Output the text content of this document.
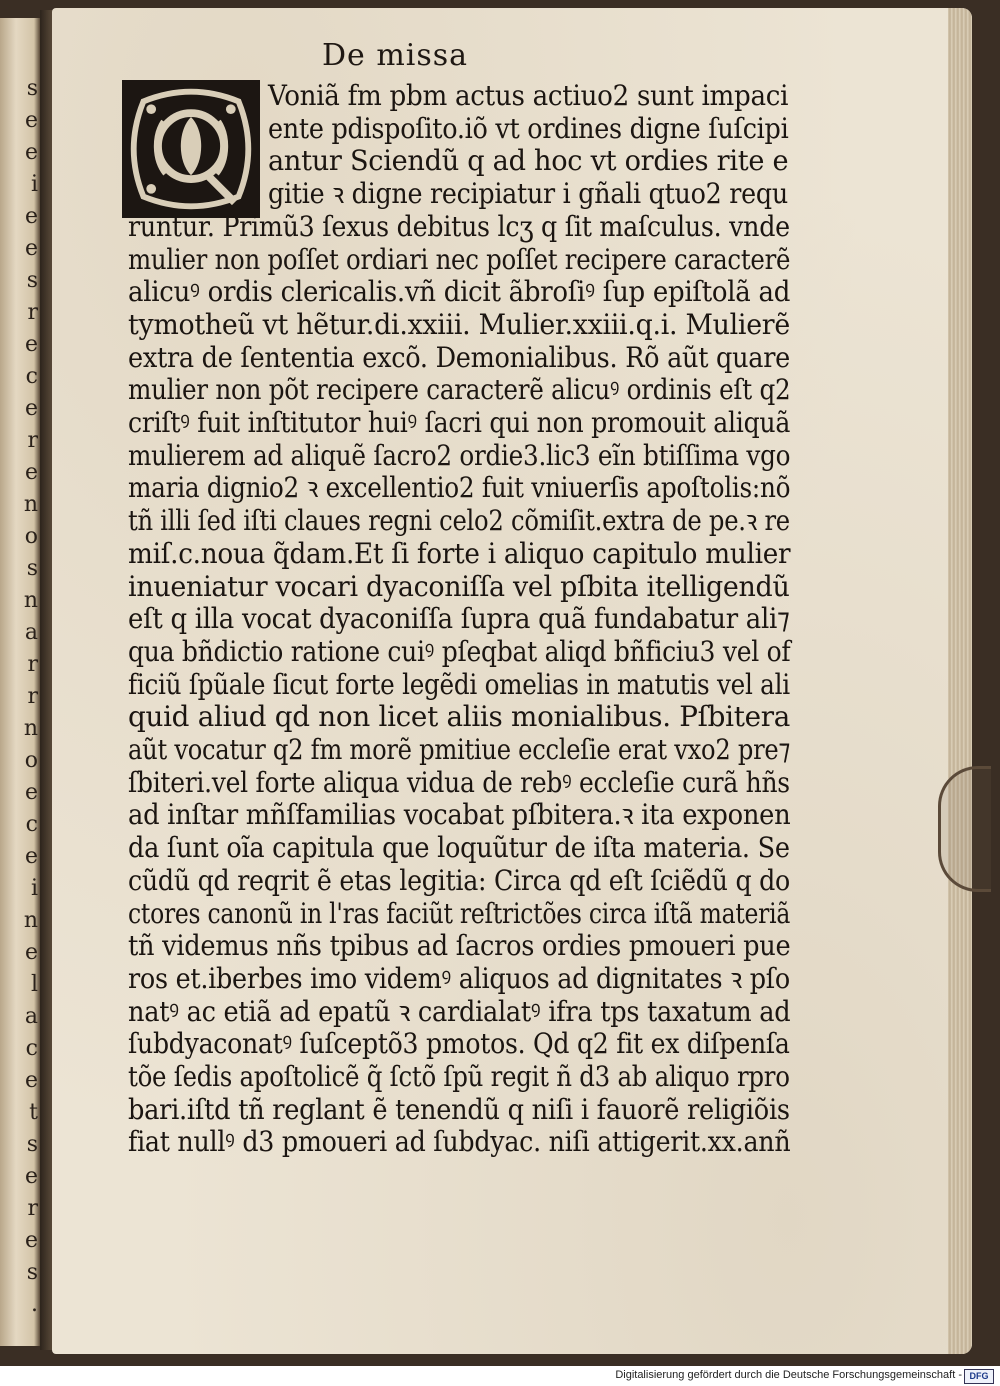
s
e
e
i
e
e
s
r
e
c
e
r
e
n
o
s
n
a
r
r
n
o
e
c
e
i
n
e
l
a
c
e
t
s
e
r
e
s
.
De missa
Voniã fm pbm actus actiuo2 sunt impaci
ente pdispoſito.iõ vt ordines digne ſuſcipi
antur Sciendũ q ad hoc vt ordies rite e
gitie ꝛ digne recipiatur i gñali qtuo2 requ
runtur. Primũ3 ſexus debitus lcʒ q ſit maſculus. vnde
mulier non poſſet ordiari nec poſſet recipere caracterẽ
alicuꝰ ordis clericalis.vñ dicit ãbroſiꝰ ſup epiſtolã ad
tymotheũ vt hẽtur.di.xxiii. Mulier.xxiii.q.i. Mulierẽ
extra de ſententia excõ. Demonialibus. Rõ aũt quare
mulier non põt recipere caracterẽ alicuꝰ ordinis eſt q2
criſtꝰ fuit inſtitutor huiꝰ ſacri qui non promouit aliquã
mulierem ad aliquẽ ſacro2 ordie3.lic3 eĩn btiſſima vgo
maria dignio2 ꝛ excellentio2 fuit vniuerſis apoſtolis:nõ
tñ illi ſed iſti claues regni celo2 cõmiſit.extra de pe.ꝛ re
miſ.c.noua q̃dam.Et ſi forte i aliquo capitulo mulier
inueniatur vocari dyaconiſſa vel pſbita itelligendũ
eſt q illa vocat dyaconiſſa ſupra quã fundabatur ali⁊
qua bñdictio ratione cuiꝰ pſeqbat aliqd bñficiu3 vel of
ficiũ ſpũale ſicut forte legẽdi omelias in matutis vel ali
quid aliud qd non licet aliis monialibus. Pſbitera
aũt vocatur q2 fm morẽ pmitiue eccleſie erat vxo2 pre⁊
ſbiteri.vel forte aliqua vidua de rebꝰ eccleſie curã hñs
ad inſtar mñſfamilias vocabat pſbitera.ꝛ ita exponen
da ſunt oĩa capitula que loquũtur de iſta materia. Se
cũdũ qd reqrit ẽ etas legitia: Circa qd eſt ſciẽdũ q do
ctores canonũ in l'ras faciũt reſtrictões circa iſtã materiã
tñ videmus nñs tpibus ad ſacros ordies pmoueri pue
ros et.iberbes imo videmꝰ aliquos ad dignitates ꝛ pſo
natꝰ ac etiã ad epatũ ꝛ cardialatꝰ ifra tps taxatum ad
ſubdyaconatꝰ ſuſceptõ3 pmotos. Qd q2 fit ex diſpenſa
tõe ſedis apoſtolicẽ q̃ ſctõ ſpũ regit ñ d3 ab aliquo rpro
bari.iſtd tñ reglant ẽ tenendũ q niſi i fauorẽ religiõis
fiat nullꝰ d3 pmoueri ad ſubdyac. niſi attigerit.xx.anñ
Digitalisierung gefördert durch die Deutsche Forschungsgemeinschaft - DFG
